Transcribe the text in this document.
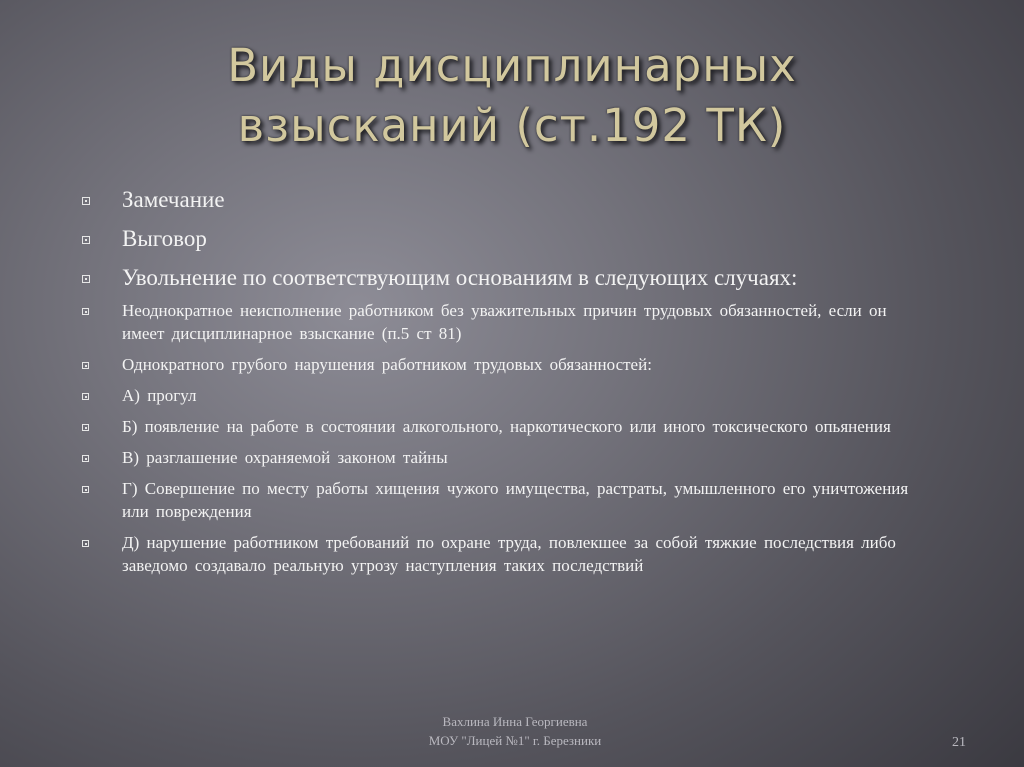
Виды дисциплинарных
взысканий (ст.192 ТК)
Замечание
Выговор
Увольнение по соответствующим основаниям в следующих случаях:
Неоднократное неисполнение работником без уважительных причин трудовых обязанностей, если он имеет дисциплинарное взыскание (п.5 ст 81)
Однократного грубого нарушения работником трудовых обязанностей:
А) прогул
Б) появление на работе в состоянии алкогольного, наркотического или иного токсического опьянения
В) разглашение охраняемой законом тайны
Г) Совершение по месту работы хищения чужого имущества, растраты, умышленного его уничтожения или повреждения
Д) нарушение работником требований по охране труда, повлекшее за собой тяжкие последствия либо заведомо создавало реальную угрозу наступления таких последствий
Вахлина Инна Георгиевна
МОУ "Лицей №1" г. Березники	21
